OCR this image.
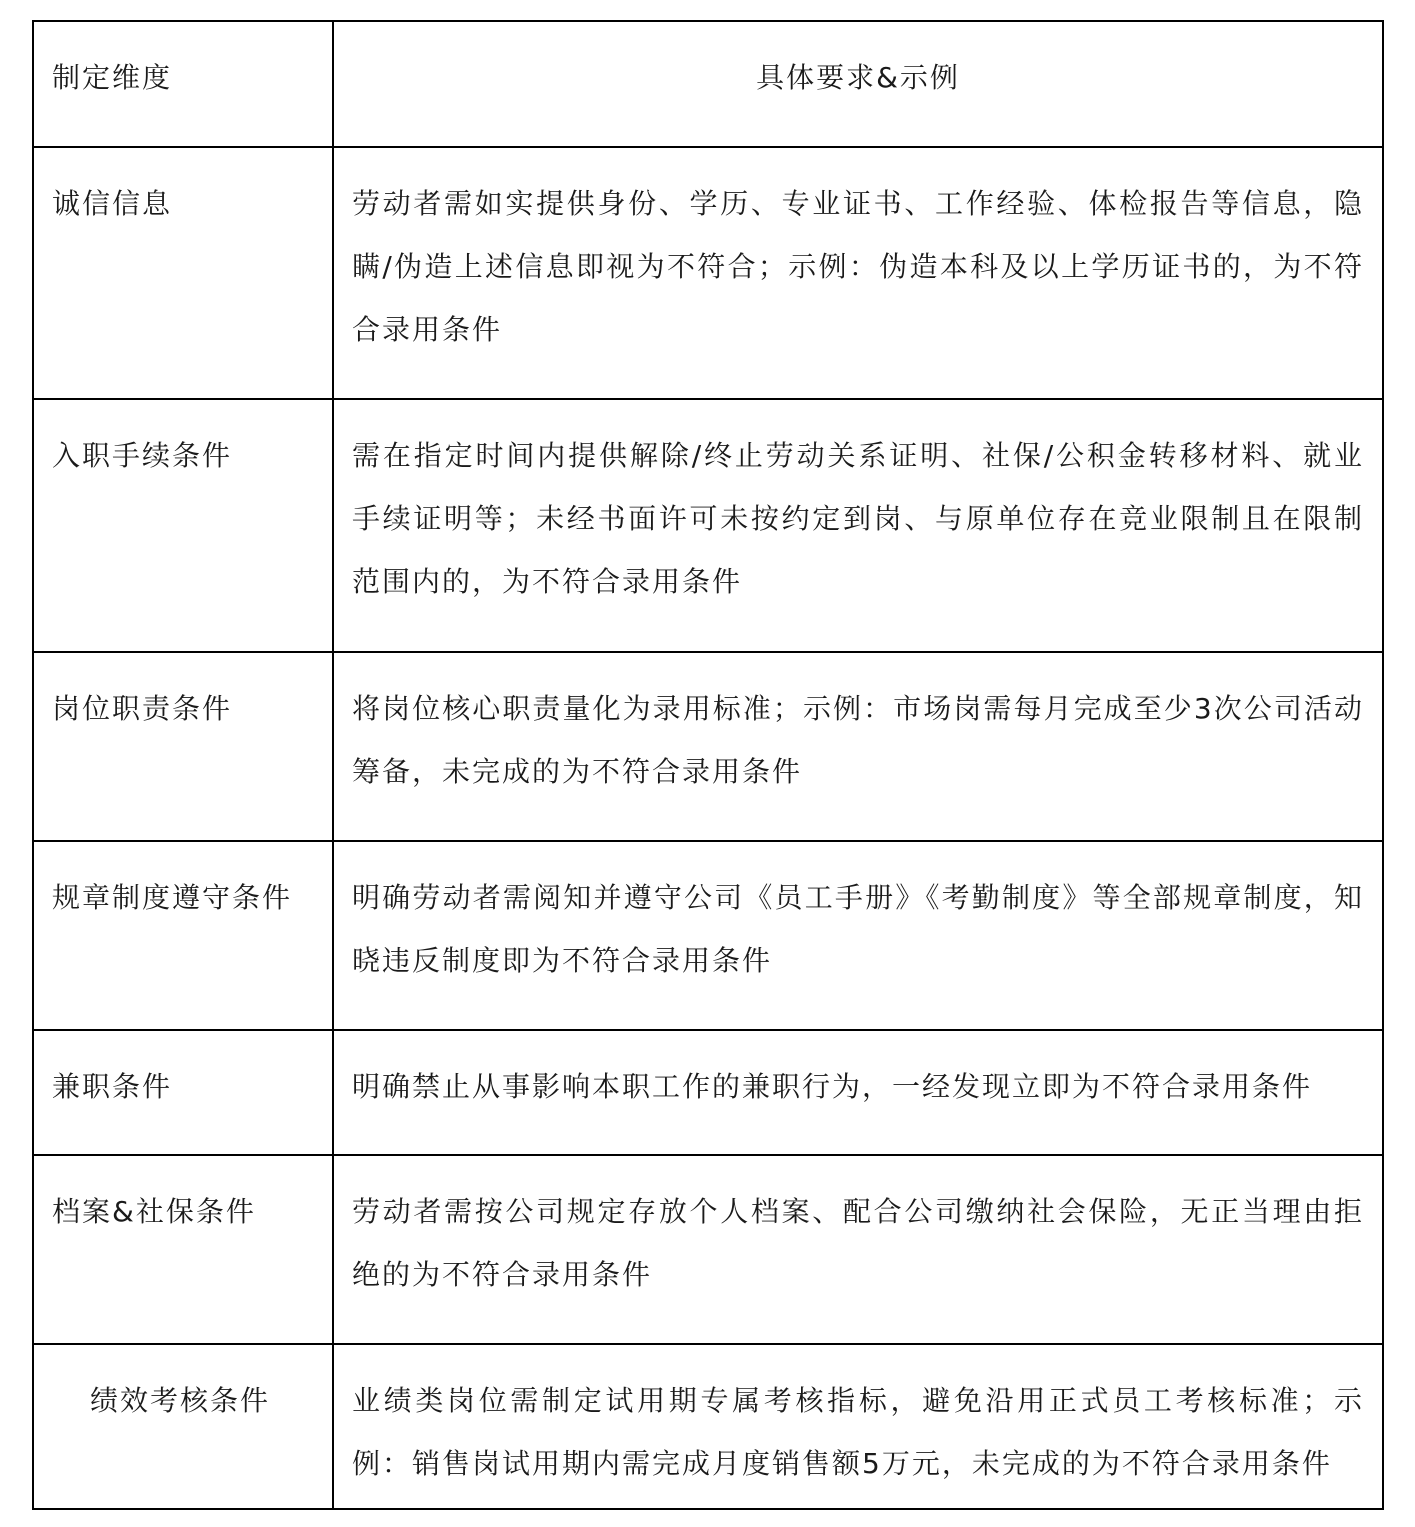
制定维度	具体要求&示例
诚信信息	劳动者需如实提供身份、学历、专业证书、工作经验、体检报告等信息，隐瞒/伪造上述信息即视为不符合；示例：伪造本科及以上学历证书的，为不符合录用条件
入职手续条件	需在指定时间内提供解除/终止劳动关系证明、社保/公积金转移材料、就业手续证明等；未经书面许可未按约定到岗、与原单位存在竞业限制且在限制范围内的，为不符合录用条件
岗位职责条件	将岗位核心职责量化为录用标准；示例：市场岗需每月完成至少3次公司活动筹备，未完成的为不符合录用条件
规章制度遵守条件	明确劳动者需阅知并遵守公司《员工手册》《考勤制度》等全部规章制度，知晓违反制度即为不符合录用条件
兼职条件	明确禁止从事影响本职工作的兼职行为，一经发现立即为不符合录用条件
档案&社保条件	劳动者需按公司规定存放个人档案、配合公司缴纳社会保险，无正当理由拒绝的为不符合录用条件
绩效考核条件	业绩类岗位需制定试用期专属考核指标，避免沿用正式员工考核标准；示例：销售岗试用期内需完成月度销售额5万元，未完成的为不符合录用条件
